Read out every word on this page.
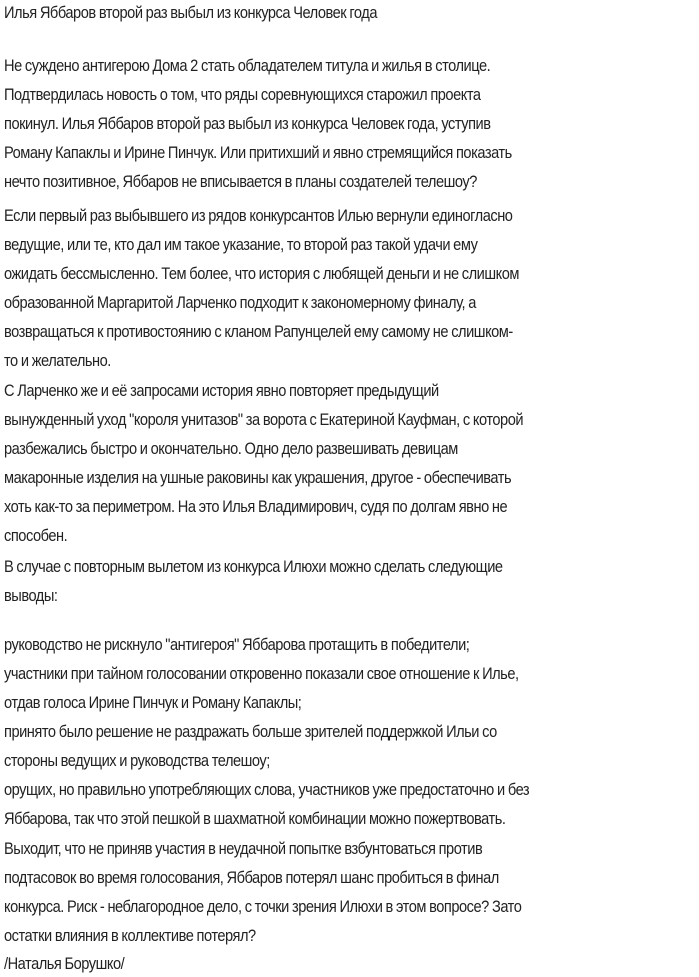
Илья Яббаров второй раз выбыл из конкурса Человек года
Не суждено антигерою Дома 2 стать обладателем титула и жилья в столице.
Подтвердилась новость о том, что ряды соревнующихся старожил проекта
покинул. Илья Яббаров второй раз выбыл из конкурса Человек года, уступив
Роману Капаклы и Ирине Пинчук. Или притихший и явно стремящийся показать
нечто позитивное, Яббаров не вписывается в планы создателей телешоу?
Если первый раз выбывшего из рядов конкурсантов Илью вернули единогласно
ведущие, или те, кто дал им такое указание, то второй раз такой удачи ему
ожидать бессмысленно. Тем более, что история с любящей деньги и не слишком
образованной Маргаритой Ларченко подходит к закономерному финалу, а
возвращаться к противостоянию с кланом Рапунцелей ему самому не слишком-
то и желательно.
С Ларченко же и её запросами история явно повторяет предыдущий
вынужденный уход "короля унитазов" за ворота с Екатериной Кауфман, с которой
разбежались быстро и окончательно. Одно дело развешивать девицам
макаронные изделия на ушные раковины как украшения, другое - обеспечивать
хоть как-то за периметром. На это Илья Владимирович, судя по долгам явно не
способен.
В случае с повторным вылетом из конкурса Илюхи можно сделать следующие
выводы:
руководство не рискнуло "антигероя" Яббарова протащить в победители;
участники при тайном голосовании откровенно показали свое отношение к Илье,
отдав голоса Ирине Пинчук и Роману Капаклы;
принято было решение не раздражать больше зрителей поддержкой Ильи со
стороны ведущих и руководства телешоу;
орущих, но правильно употребляющих слова, участников уже предостаточно и без
Яббарова, так что этой пешкой в шахматной комбинации можно пожертвовать.
Выходит, что не приняв участия в неудачной попытке взбунтоваться против
подтасовок во время голосования, Яббаров потерял шанс пробиться в финал
конкурса. Риск - неблагородное дело, с точки зрения Илюхи в этом вопросе? Зато
остатки влияния в коллективе потерял?
/Наталья Борушко/
